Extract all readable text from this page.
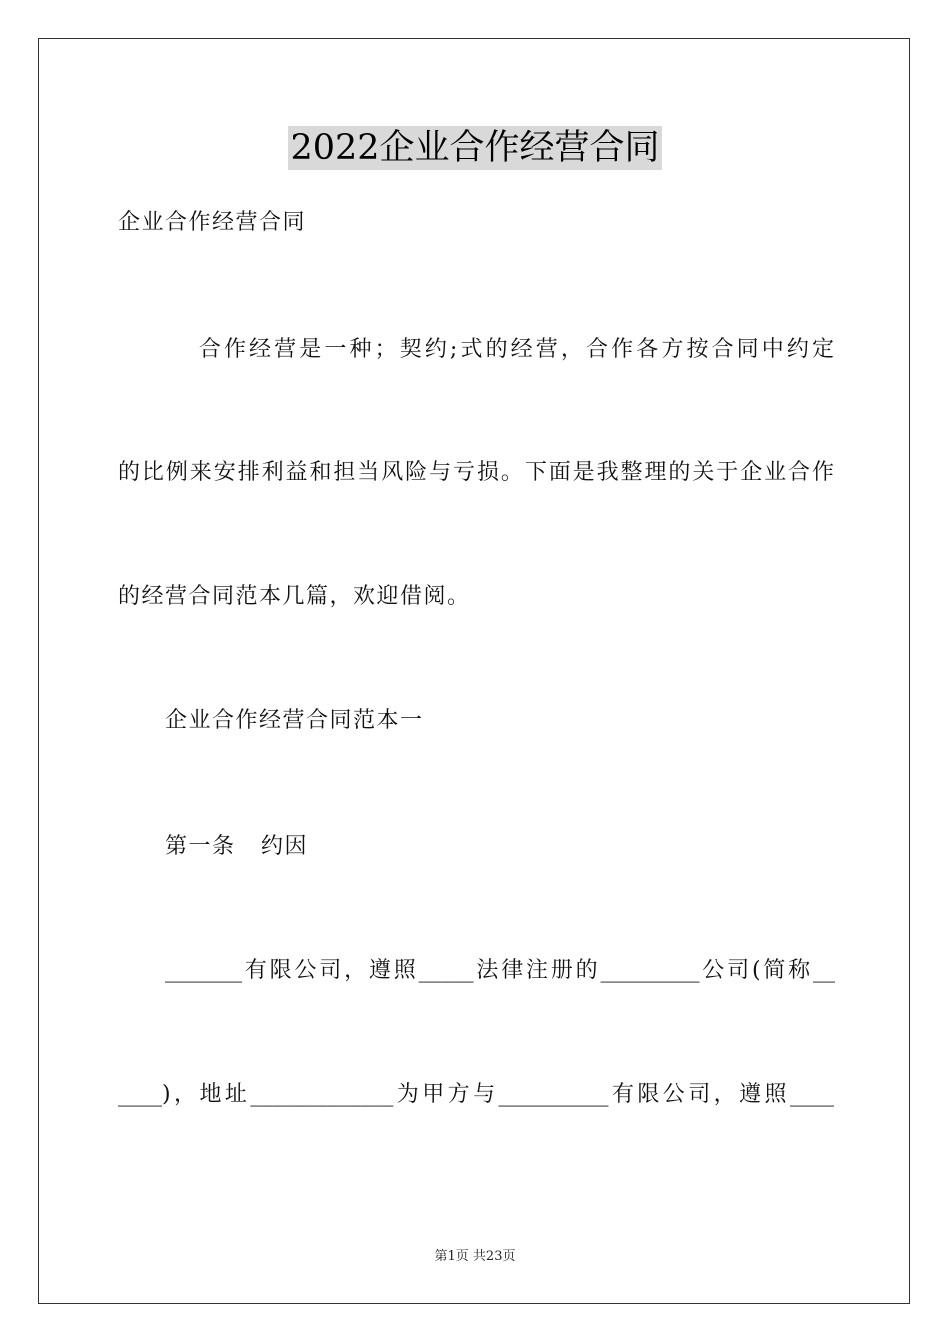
2022企业合作经营合同
企业合作经营合同
合作经营是一种；契约;式的经营，合作各方按合同中约定
的比例来安排利益和担当风险与亏损。下面是我整理的关于企业合作
的经营合同范本几篇，欢迎借阅。
企业合作经营合同范本一
第一条   约因
_______有限公司，遵照_____法律注册的_________公司(简称__
____)，地址_____________为甲方与__________有限公司，遵照____
第1页 共23页
